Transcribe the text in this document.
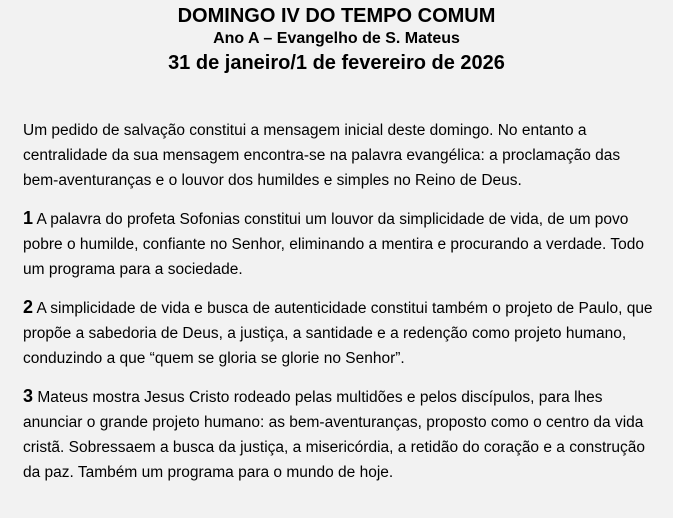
DOMINGO IV DO TEMPO COMUM
Ano A – Evangelho de S. Mateus
31 de janeiro/1 de fevereiro de 2026

Um pedido de salvação constitui a mensagem inicial deste domingo. No entanto a centralidade da sua mensagem encontra-se na palavra evangélica: a proclamação das bem-aventuranças e o louvor dos humildes e simples no Reino de Deus.

1 A palavra do profeta Sofonias constitui um louvor da simplicidade de vida, de um povo pobre o humilde, confiante no Senhor, eliminando a mentira e procurando a verdade. Todo um programa para a sociedade.

2 A simplicidade de vida e busca de autenticidade constitui também o projeto de Paulo, que propõe a sabedoria de Deus, a justiça, a santidade e a redenção como projeto humano, conduzindo a que “quem se gloria se glorie no Senhor”.

3 Mateus mostra Jesus Cristo rodeado pelas multidões e pelos discípulos, para lhes anunciar o grande projeto humano: as bem-aventuranças, proposto como o centro da vida cristã. Sobressaem a busca da justiça, a misericórdia, a retidão do coração e a construção da paz. Também um programa para o mundo de hoje.
